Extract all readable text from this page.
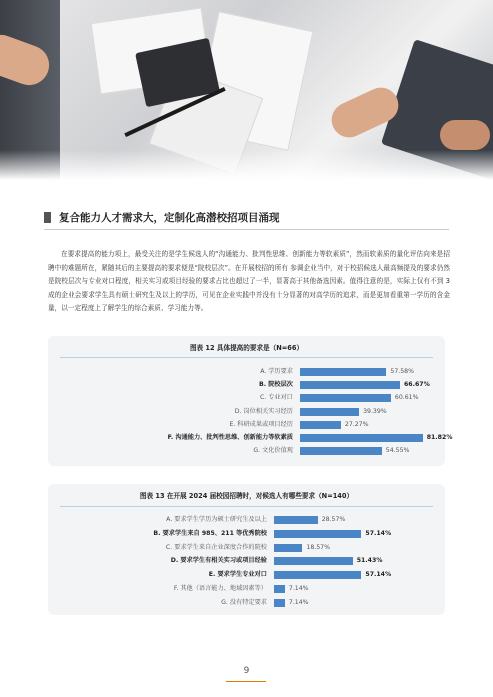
复合能力人才需求大，定制化高潜校招项目涌现
在要求提高的能力项上，最受关注的是学生候选人的“沟通能力、批判性思维、创新能力等软素质”，然而软素质的量化评估向来是招聘中的难题所在，紧随其后的主要提高的要求便是“院校层次”。在开展校招的所有 参调企业当中，对于校招候选人最高频提及的要求仍然是院校层次与专业对口程度，相关实习或项目经验的要求占比也超过了一半，显著高于其他备选因素。值得注意的是，实际上仅有不到 3 成的企业会要求学生具有硕士研究生及以上的学历，可见在企业实践中并没有十分显著的对高学历的追求，而是更加看重第一学历的含金量，以一定程度上了解学生的综合素质、学习能力等。
图表 12 具体提高的要求是（N=66）
A. 学历要求	57.58%
B. 院校层次	66.67%
C. 专业对口	60.61%
D. 岗位相关实习经历	39.39%
E. 科研成果或项目经历	27.27%
F. 沟通能力、批判性思维、创新能力等软素质	81.82%
G. 文化价值观	54.55%
图表 13 在开展 2024 届校园招聘时，对候选人有哪些要求（N=140）
A. 要求学生学历为硕士研究生及以上	28.57%
B. 要求学生来自 985、211 等优秀院校	57.14%
C. 要求学生来自企业深度合作的院校	18.57%
D. 要求学生有相关实习或项目经验	51.43%
E. 要求学生专业对口	57.14%
F. 其他（语言能力、地域因素等）	7.14%
G. 没有特定要求	7.14%
9
